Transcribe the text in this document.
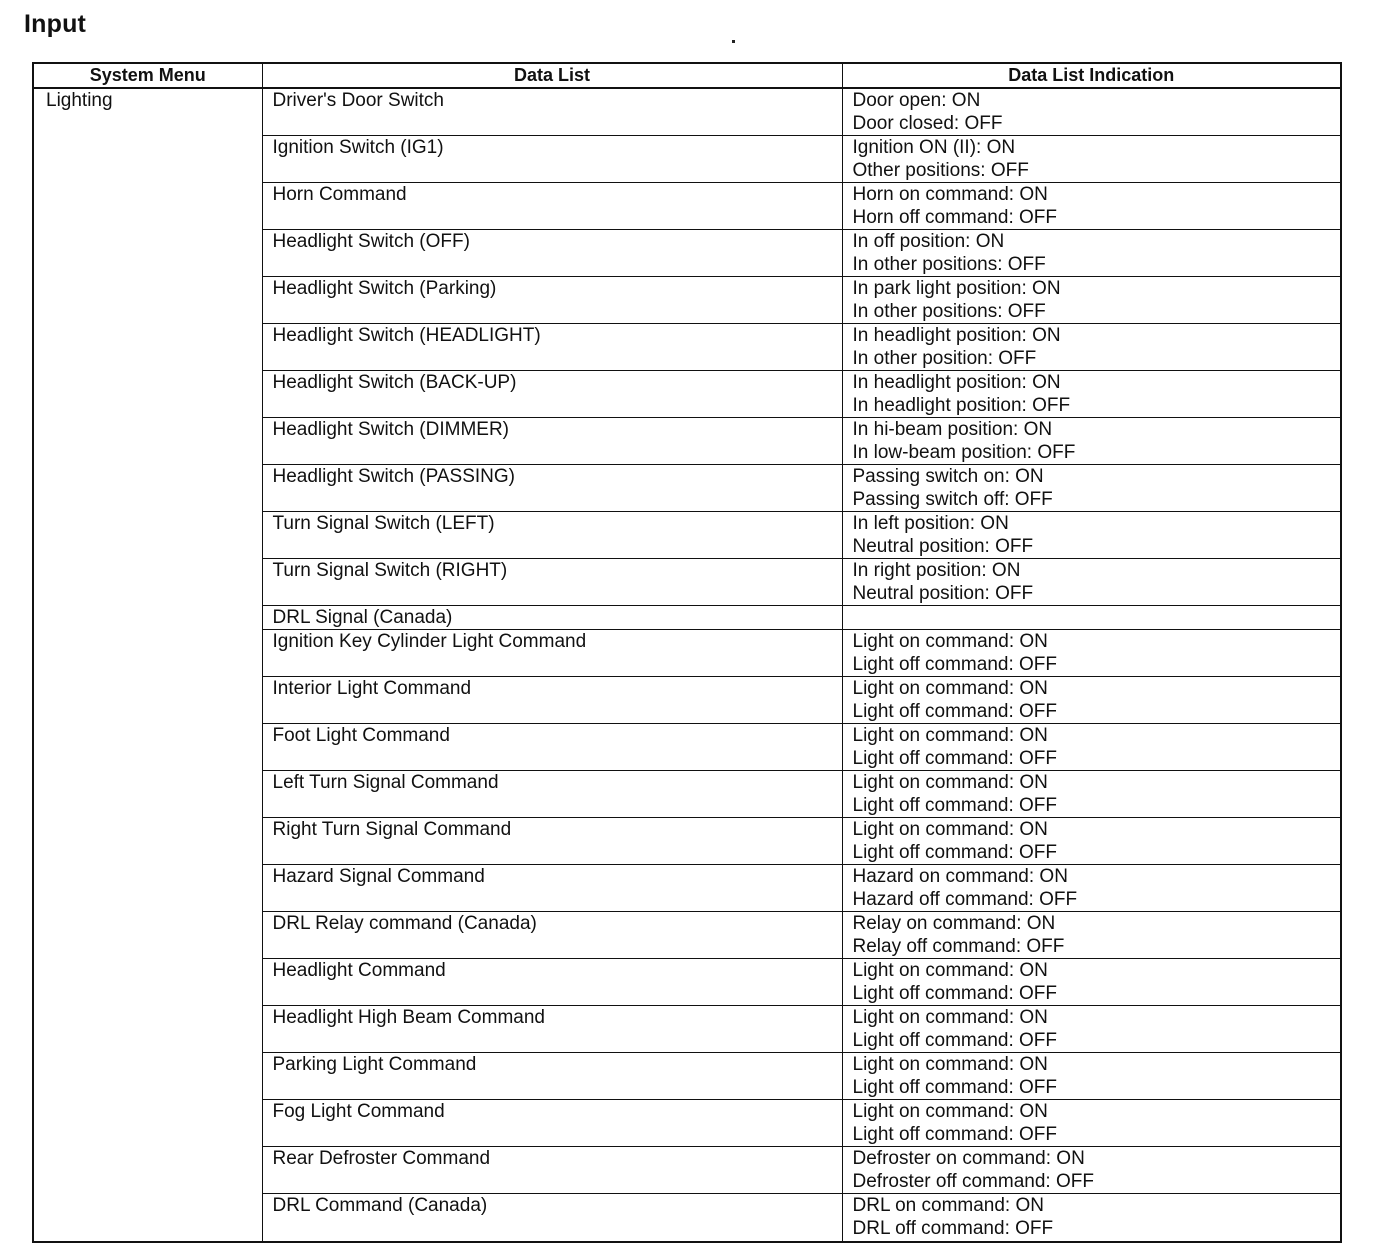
Input
System Menu	Data List	Data List Indication
Lighting	Driver's Door Switch	Door open: ON
Door closed: OFF

	Ignition Switch (IG1)	Ignition ON (II): ON
Other positions: OFF

	Horn Command	Horn on command: ON
Horn off command: OFF

	Headlight Switch (OFF)	In off position: ON
In other positions: OFF

	Headlight Switch (Parking)	In park light position: ON
In other positions: OFF

	Headlight Switch (HEADLIGHT)	In headlight position: ON
In other position: OFF

	Headlight Switch (BACK-UP)	In headlight position: ON
In headlight position: OFF

	Headlight Switch (DIMMER)	In hi-beam position: ON
In low-beam position: OFF

	Headlight Switch (PASSING)	Passing switch on: ON
Passing switch off: OFF

	Turn Signal Switch (LEFT)	In left position: ON
Neutral position: OFF

	Turn Signal Switch (RIGHT)	In right position: ON
Neutral position: OFF

	DRL Signal (Canada)	

	Ignition Key Cylinder Light Command	Light on command: ON
Light off command: OFF

	Interior Light Command	Light on command: ON
Light off command: OFF

	Foot Light Command	Light on command: ON
Light off command: OFF

	Left Turn Signal Command	Light on command: ON
Light off command: OFF

	Right Turn Signal Command	Light on command: ON
Light off command: OFF

	Hazard Signal Command	Hazard on command: ON
Hazard off command: OFF

	DRL Relay command (Canada)	Relay on command: ON
Relay off command: OFF

	Headlight Command	Light on command: ON
Light off command: OFF

	Headlight High Beam Command	Light on command: ON
Light off command: OFF

	Parking Light Command	Light on command: ON
Light off command: OFF

	Fog Light Command	Light on command: ON
Light off command: OFF

	Rear Defroster Command	Defroster on command: ON
Defroster off command: OFF

	DRL Command (Canada)	DRL on command: ON
DRL off command: OFF
